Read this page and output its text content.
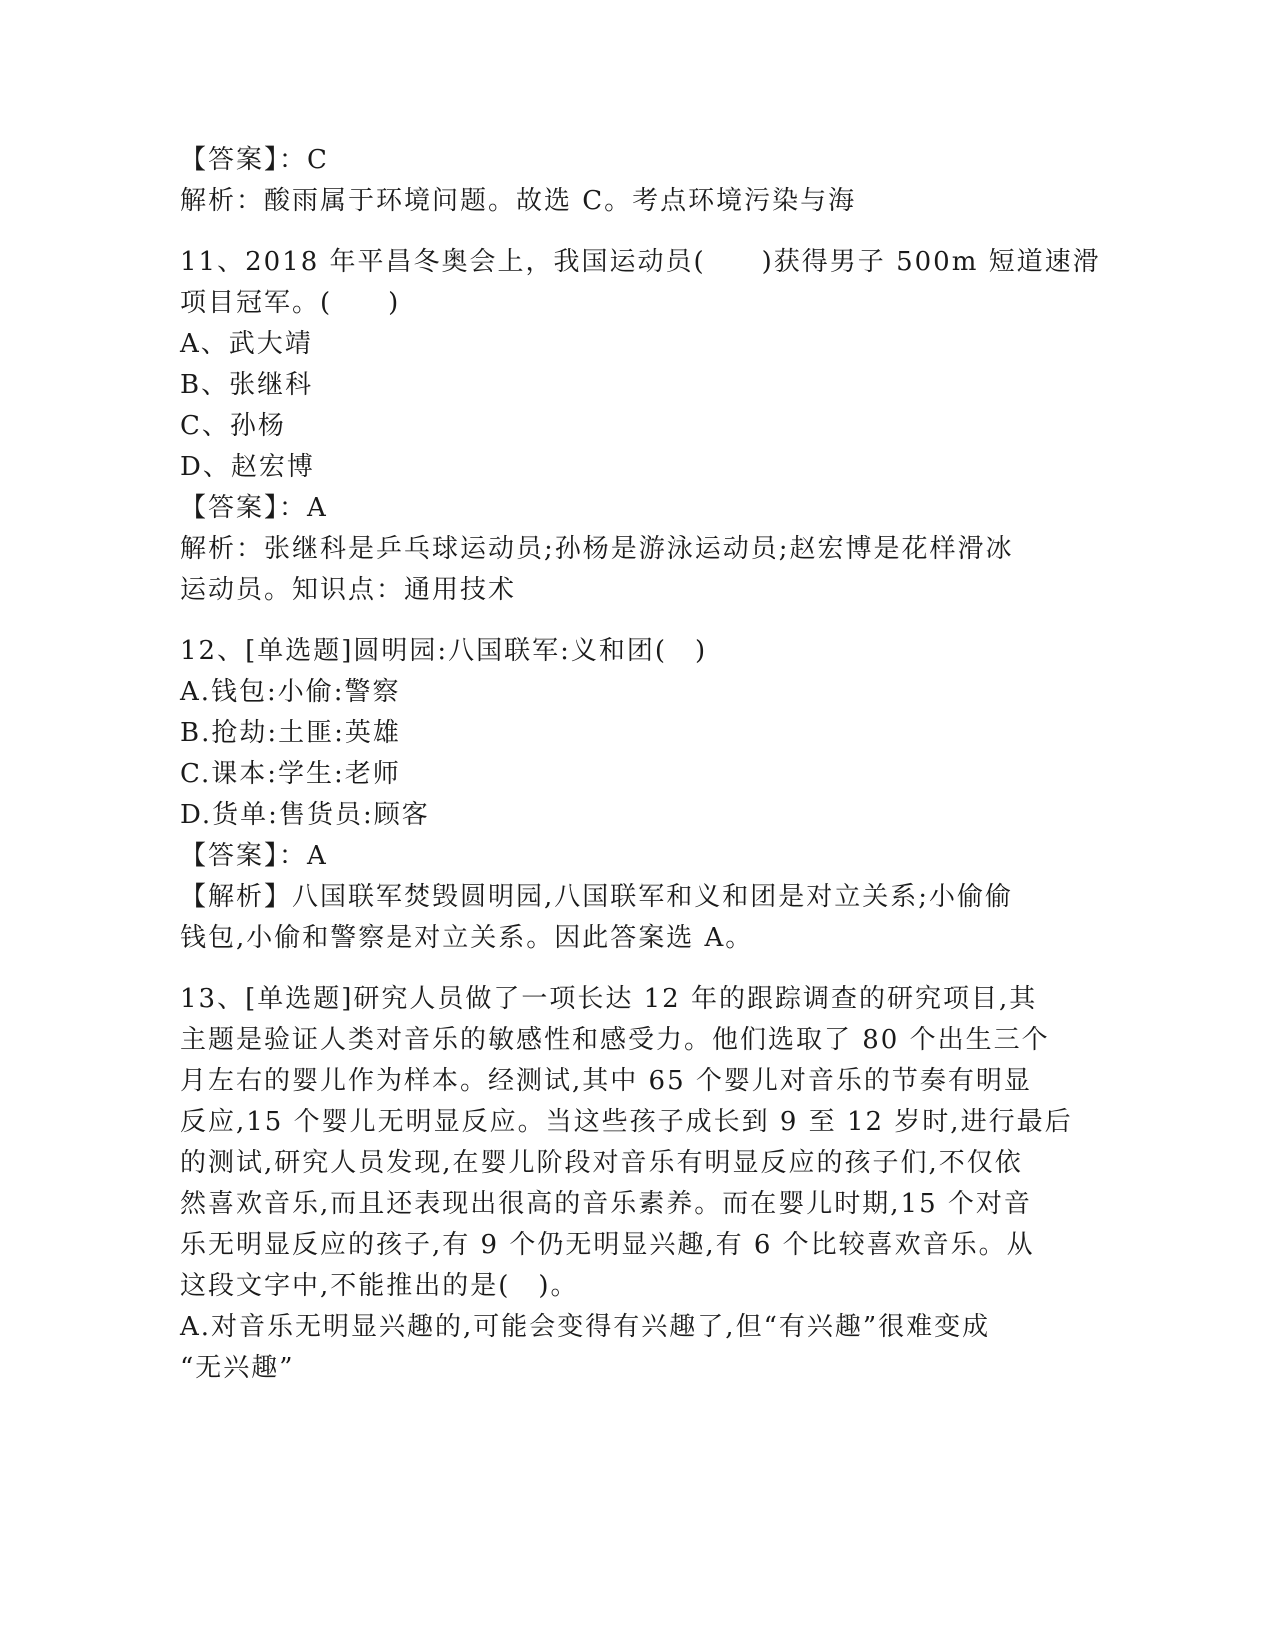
【答案】：C

解析：酸雨属于环境问题。故选 C。考点环境污染与海

11、2018 年平昌冬奥会上，我国运动员(　　)获得男子 500m 短道速滑

项目冠军。(　　)

A、武大靖

B、张继科

C、孙杨

D、赵宏博

【答案】：A

解析：张继科是乒乓球运动员;孙杨是游泳运动员;赵宏博是花样滑冰

运动员。知识点：通用技术

12、[单选题]圆明园:八国联军:义和团(　)

A.钱包:小偷:警察

B.抢劫:土匪:英雄

C.课本:学生:老师

D.货单:售货员:顾客

【答案】：A

【解析】八国联军焚毁圆明园,八国联军和义和团是对立关系;小偷偷

钱包,小偷和警察是对立关系。因此答案选 A。

13、[单选题]研究人员做了一项长达 12 年的跟踪调查的研究项目,其

主题是验证人类对音乐的敏感性和感受力。他们选取了 80 个出生三个

月左右的婴儿作为样本。经测试,其中 65 个婴儿对音乐的节奏有明显

反应,15 个婴儿无明显反应。当这些孩子成长到 9 至 12 岁时,进行最后

的测试,研究人员发现,在婴儿阶段对音乐有明显反应的孩子们,不仅依

然喜欢音乐,而且还表现出很高的音乐素养。而在婴儿时期,15 个对音

乐无明显反应的孩子,有 9 个仍无明显兴趣,有 6 个比较喜欢音乐。从

这段文字中,不能推出的是(　)。

A.对音乐无明显兴趣的,可能会变得有兴趣了,但“有兴趣”很难变成

“无兴趣”
